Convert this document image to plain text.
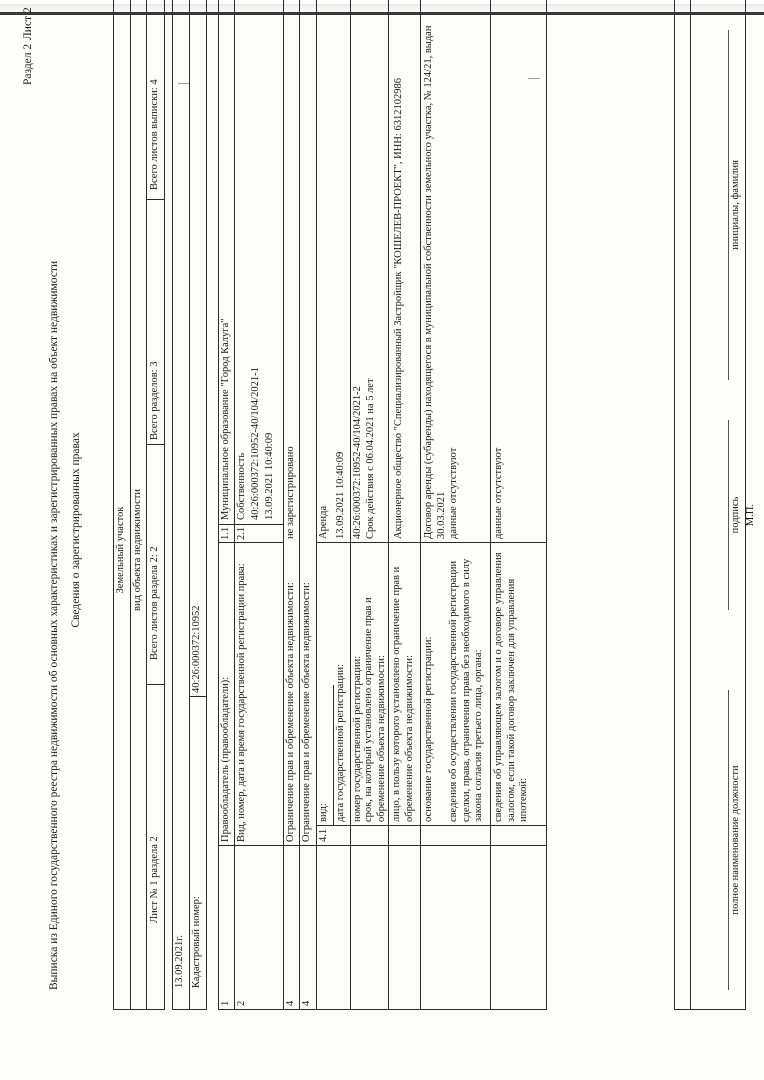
Раздел 2
Лист 2
Выписка из Единого государственного реестра недвижимости об основных характеристиках и зарегистрированных правах на объект недвижимости Сведения о зарегистрированных правах	Земельный участок вид объекта недвижимости
Лист № 1 раздела 2
Всего листов раздела 2: 2
Всего разделов: 3
Всего листов выписки: 4
13.09.2021г. Кадастровый номер:
40:26:000372:10952
1
Правообладатель (правообладатели):
1.1
Муниципальное образование "Город Калуга"
2
Вид, номер, дата и время государственной регистрации права:
2.1
Собственность 40:26:000372:10952-40/104/2021-1 13.09.2021 10:40:09
4
Ограничение прав и обременение объекта недвижимости:
не зарегистрировано
4
Ограничение прав и обременение объекта недвижимости: 4.1
вид:
Аренда
дата государственной регистрации:
13.09.2021 10:40:09
номер государственной регистрации:
40:26:000372:10952-40/104/2021-2
срок, на который установлено ограничение прав и обременение объекта недвижимости:
Срок действия с 06.04.2021 на 5 лет
лицо, в пользу которого установлено ограничение прав и обременение объекта недвижимости:
Акционерное общество "Специализированный Застройщик "КОШЕЛЕВ-ПРОЕКТ", ИНН: 6312102986
основание государственной регистрации:
Договор аренды (субаренды) находящегося в муниципальной собственности земельного участка, № 124/21, выдан 30.03.2021
сведения об осуществлении государственной регистрации сделки, права, ограничения права без необходимого в силу закона согласия третьего лица, органа:
данные отсутствуют
сведения об управляющем залогом и о договоре управления залогом, если такой договор заключен для управления ипотекой:
данные отсутствуют
полное наименование должности
подпись М.П.
инициалы, фамилия
